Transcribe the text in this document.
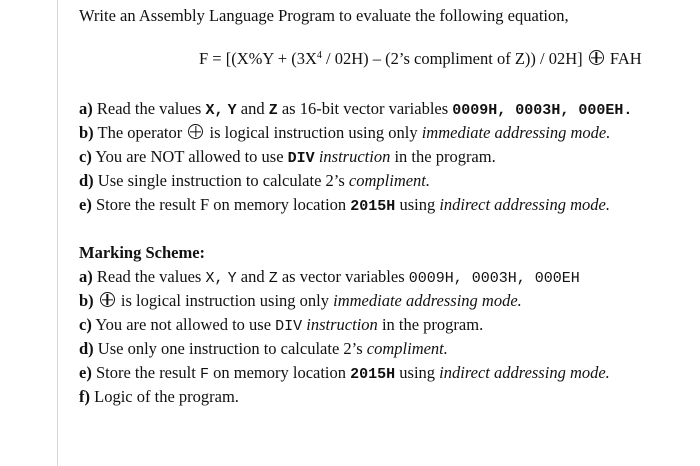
Write an Assembly Language Program to evaluate the following equation,
$F = [(X\%Y + (3X^4 / 02H)$ – (2’s compliment of Z)) / 02H] FAH
a) Read the values X, Y and Z as 16-bit vector variables 0009H, 0003H, 000EH.
b) The operator is logical instruction using only immediate addressing mode.
c) You are NOT allowed to use DIV instruction in the program.
d) Use single instruction to calculate 2’s compliment.
e) Store the result F on memory location 2015H using indirect addressing mode.
Marking Scheme:
a) Read the values X, Y and Z as vector variables 0009H, 0003H, 000EH
b) is logical instruction using only immediate addressing mode.
c) You are not allowed to use DIV instruction in the program.
d) Use only one instruction to calculate 2’s compliment.
e) Store the result F on memory location 2015H using indirect addressing mode.
f) Logic of the program.
